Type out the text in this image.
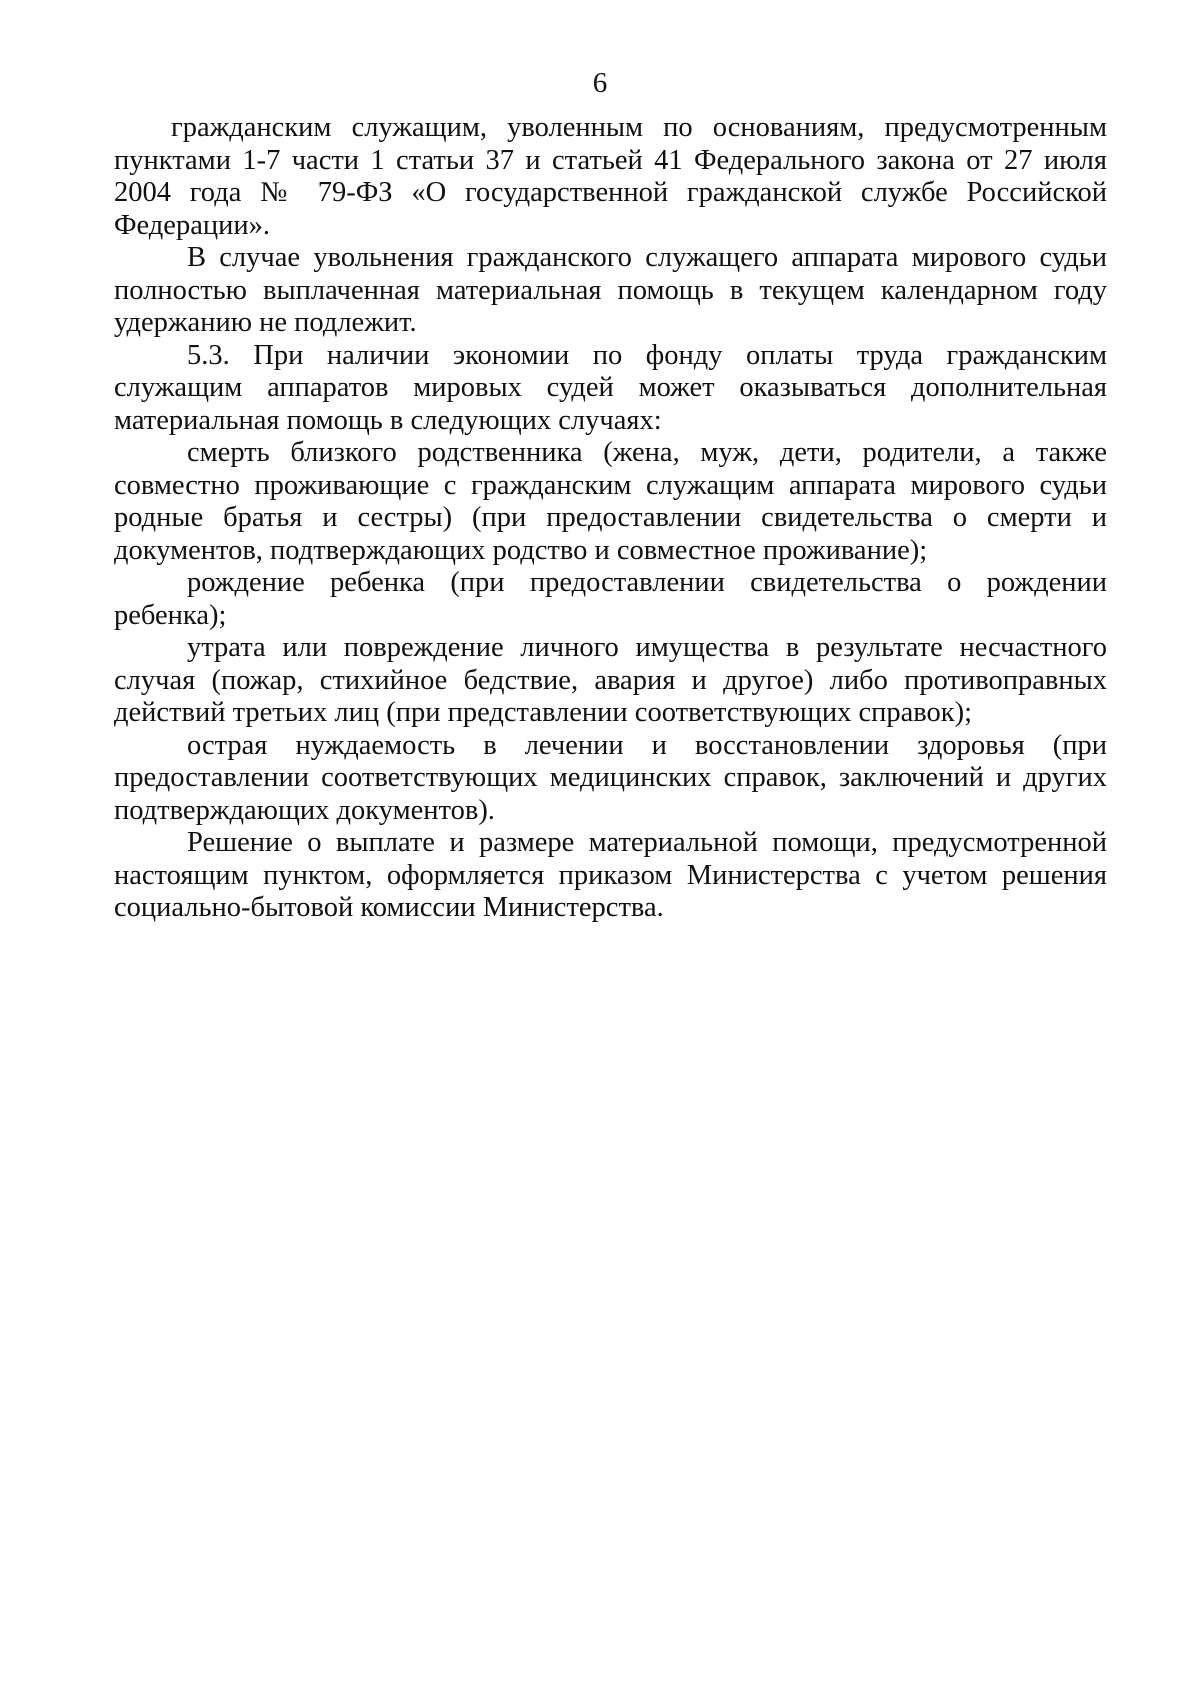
6

гражданским служащим, уволенным по основаниям, предусмотренным пунктами 1-7 части 1 статьи 37 и статьей 41 Федерального закона от 27 июля 2004 года № 79-ФЗ «О государственной гражданской службе Российской Федерации».

В случае увольнения гражданского служащего аппарата мирового судьи полностью выплаченная материальная помощь в текущем календарном году удержанию не подлежит.

5.3. При наличии экономии по фонду оплаты труда гражданским служащим аппаратов мировых судей может оказываться дополнительная материальная помощь в следующих случаях:

смерть близкого родственника (жена, муж, дети, родители, а также совместно проживающие с гражданским служащим аппарата мирового судьи родные братья и сестры) (при предоставлении свидетельства о смерти и документов, подтверждающих родство и совместное проживание);

рождение ребенка (при предоставлении свидетельства о рождении ребенка);

утрата или повреждение личного имущества в результате несчастного случая (пожар, стихийное бедствие, авария и другое) либо противоправных действий третьих лиц (при представлении соответствующих справок);

острая нуждаемость в лечении и восстановлении здоровья (при предоставлении соответствующих медицинских справок, заключений и других подтверждающих документов).

Решение о выплате и размере материальной помощи, предусмотренной настоящим пунктом, оформляется приказом Министерства с учетом решения социально-бытовой комиссии Министерства.
